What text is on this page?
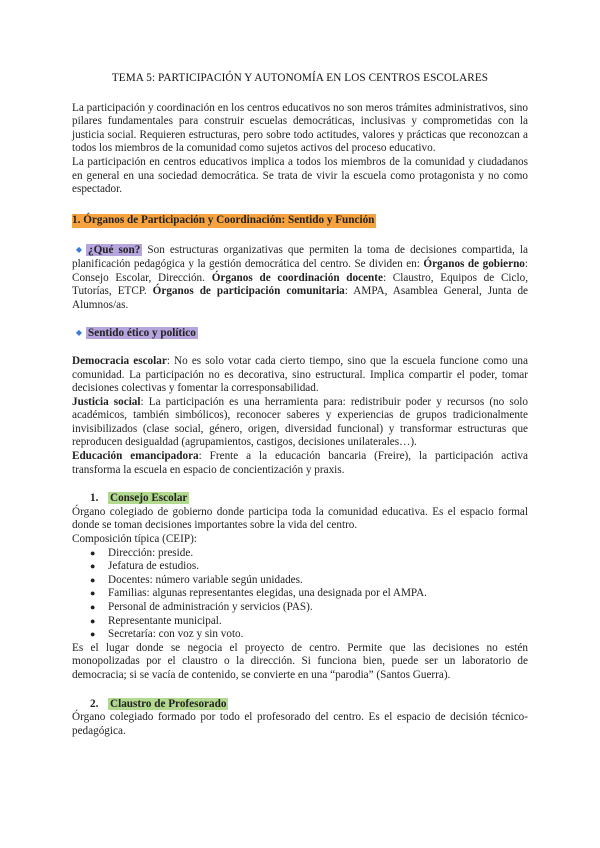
TEMA 5: PARTICIPACIÓN Y AUTONOMÍA EN LOS CENTROS ESCOLARES

La participación y coordinación en los centros educativos no son meros trámites administrativos, sino pilares fundamentales para construir escuelas democráticas, inclusivas y comprometidas con la justicia social. Requieren estructuras, pero sobre todo actitudes, valores y prácticas que reconozcan a todos los miembros de la comunidad como sujetos activos del proceso educativo.

La participación en centros educativos implica a todos los miembros de la comunidad y ciudadanos en general en una sociedad democrática. Se trata de vivir la escuela como protagonista y no como espectador.

1. Órganos de Participación y Coordinación: Sentido y Función

◆ ¿Qué son? Son estructuras organizativas que permiten la toma de decisiones compartida, la planificación pedagógica y la gestión democrática del centro. Se dividen en: Órganos de gobierno: Consejo Escolar, Dirección. Órganos de coordinación docente: Claustro, Equipos de Ciclo, Tutorías, ETCP. Órganos de participación comunitaria: AMPA, Asamblea General, Junta de Alumnos/as.

◆ Sentido ético y político

Democracia escolar: No es solo votar cada cierto tiempo, sino que la escuela funcione como una comunidad. La participación no es decorativa, sino estructural. Implica compartir el poder, tomar decisiones colectivas y fomentar la corresponsabilidad.

Justicia social: La participación es una herramienta para: redistribuir poder y recursos (no solo académicos, también simbólicos), reconocer saberes y experiencias de grupos tradicionalmente invisibilizados (clase social, género, origen, diversidad funcional) y transformar estructuras que reproducen desigualdad (agrupamientos, castigos, decisiones unilaterales…).

Educación emancipadora: Frente a la educación bancaria (Freire), la participación activa transforma la escuela en espacio de concientización y praxis.

1. Consejo Escolar

Órgano colegiado de gobierno donde participa toda la comunidad educativa. Es el espacio formal donde se toman decisiones importantes sobre la vida del centro.

Composición típica (CEIP):

● Dirección: preside.
● Jefatura de estudios.
● Docentes: número variable según unidades.
● Familias: algunas representantes elegidas, una designada por el AMPA.
● Personal de administración y servicios (PAS).
● Representante municipal.
● Secretaría: con voz y sin voto.

Es el lugar donde se negocia el proyecto de centro. Permite que las decisiones no estén monopolizadas por el claustro o la dirección. Si funciona bien, puede ser un laboratorio de democracia; si se vacía de contenido, se convierte en una “parodia” (Santos Guerra).

2. Claustro de Profesorado

Órgano colegiado formado por todo el profesorado del centro. Es el espacio de decisión técnico-pedagógica.
